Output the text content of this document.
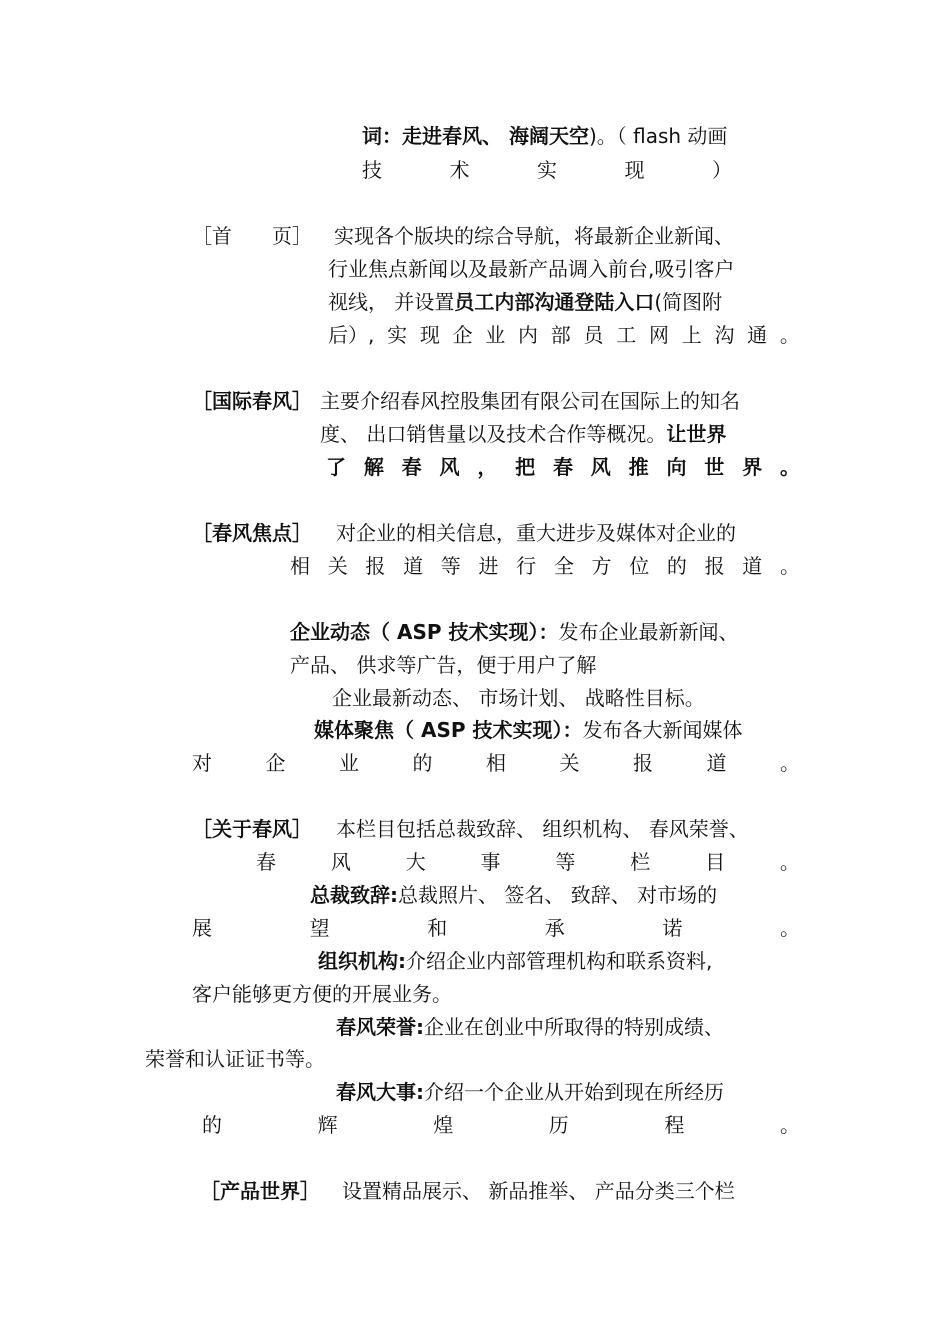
词：走进春风、 海阔天空)。（ flash 动画
技	术	实	现	）
［首　　页］ 实现各个版块的综合导航，将最新企业新闻、
行业焦点新闻以及最新产品调入前台,吸引客户
视线， 并设置员工内部沟通登陆入口(简图附
后）, 实 现 企 业 内 部 员 工 网 上 沟 通 。
［国际春风］ 主要介绍春风控股集团有限公司在国际上的知名
度、 出口销售量以及技术合作等概况。让世界
了 解 春 风 ， 把 春 风 推 向 世 界 。
［春风焦点］ 对企业的相关信息，重大进步及媒体对企业的
相 关 报 道 等 进 行 全 方 位 的 报 道 。
企业动态（ ASP 技术实现）：发布企业最新新闻、
产品、 供求等广告，便于用户了解
企业最新动态、 市场计划、 战略性目标。
媒体聚焦（ ASP 技术实现）：发布各大新闻媒体
对	企	业	的	相	关	报	道	。
［关于春风］ 本栏目包括总裁致辞、 组织机构、 春风荣誉、
春	风	大	事	等	栏	目	。
总裁致辞:总裁照片、 签名、 致辞、 对市场的
展	望	和	承	诺	。
组织机构:介绍企业内部管理机构和联系资料,
客户能够更方便的开展业务。
春风荣誉:企业在创业中所取得的特别成绩、
荣誉和认证证书等。
春风大事:介绍一个企业从开始到现在所经历
的	辉	煌	历	程	。
［产品世界］ 设置精品展示、 新品推举、 产品分类三个栏
